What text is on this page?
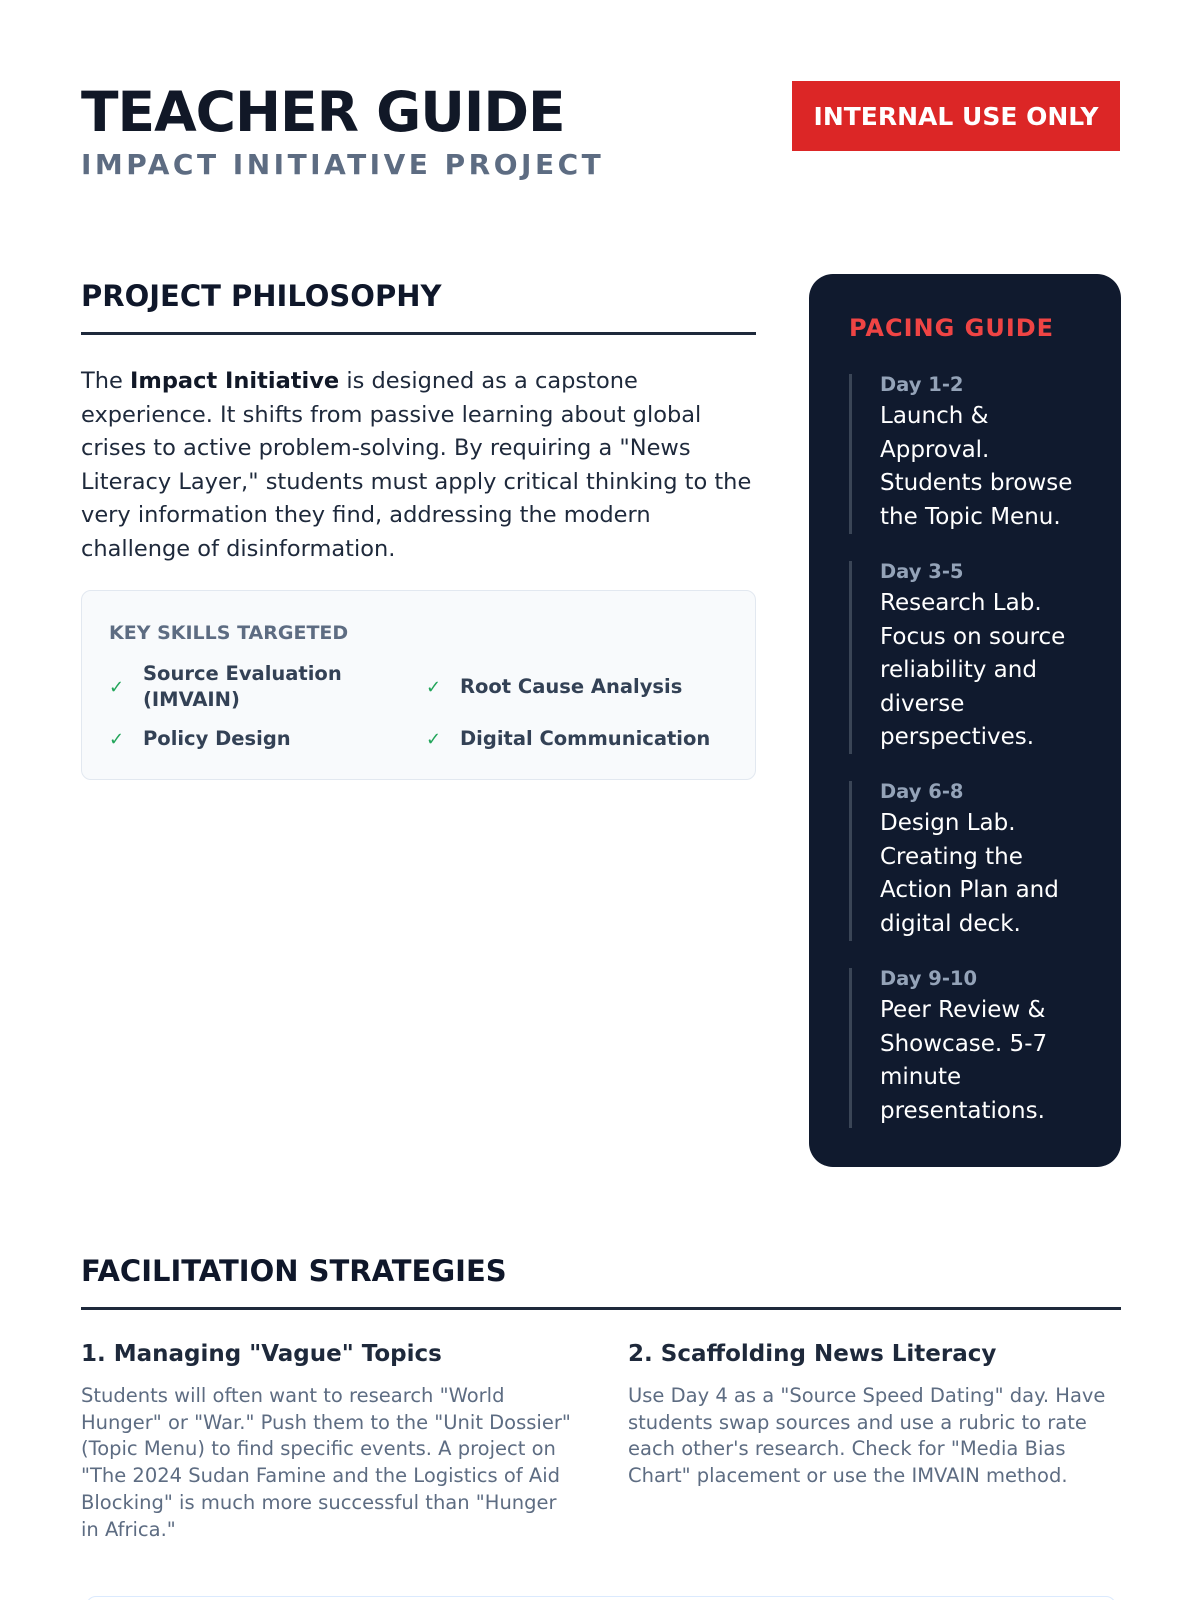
TEACHER GUIDE
IMPACT INITIATIVE PROJECT
INTERNAL USE ONLY
PROJECT PHILOSOPHY

The Impact Initiative is designed as a capstone experience. It shifts from passive learning about global crises to active problem-solving. By requiring a "News Literacy Layer," students must apply critical thinking to the very information they find, addressing the modern challenge of disinformation.

KEY SKILLS TARGETED
✓
Source Evaluation (IMVAIN)
✓ Root Cause Analysis
✓ Policy Design	✓ Digital Communication
PACING GUIDE
Day 1-2
Launch & Approval. Students browse the Topic Menu.
Day 3-5
Research Lab. Focus on source reliability and diverse perspectives.
Day 6-8
Design Lab. Creating the Action Plan and digital deck.
Day 9-10
Peer Review & Showcase. 5-7 minute presentations.
FACILITATION STRATEGIES
1. Managing "Vague" Topics

Students will often want to research "World Hunger" or "War." Push them to the "Unit Dossier" (Topic Menu) to find specific events. A project on "The 2024 Sudan Famine and the Logistics of Aid Blocking" is much more successful than "Hunger in Africa."

2. Scaffolding News Literacy

Use Day 4 as a "Source Speed Dating" day. Have students swap sources and use a rubric to rate each other's research. Check for "Media Bias Chart" placement or use the IMVAIN method.
